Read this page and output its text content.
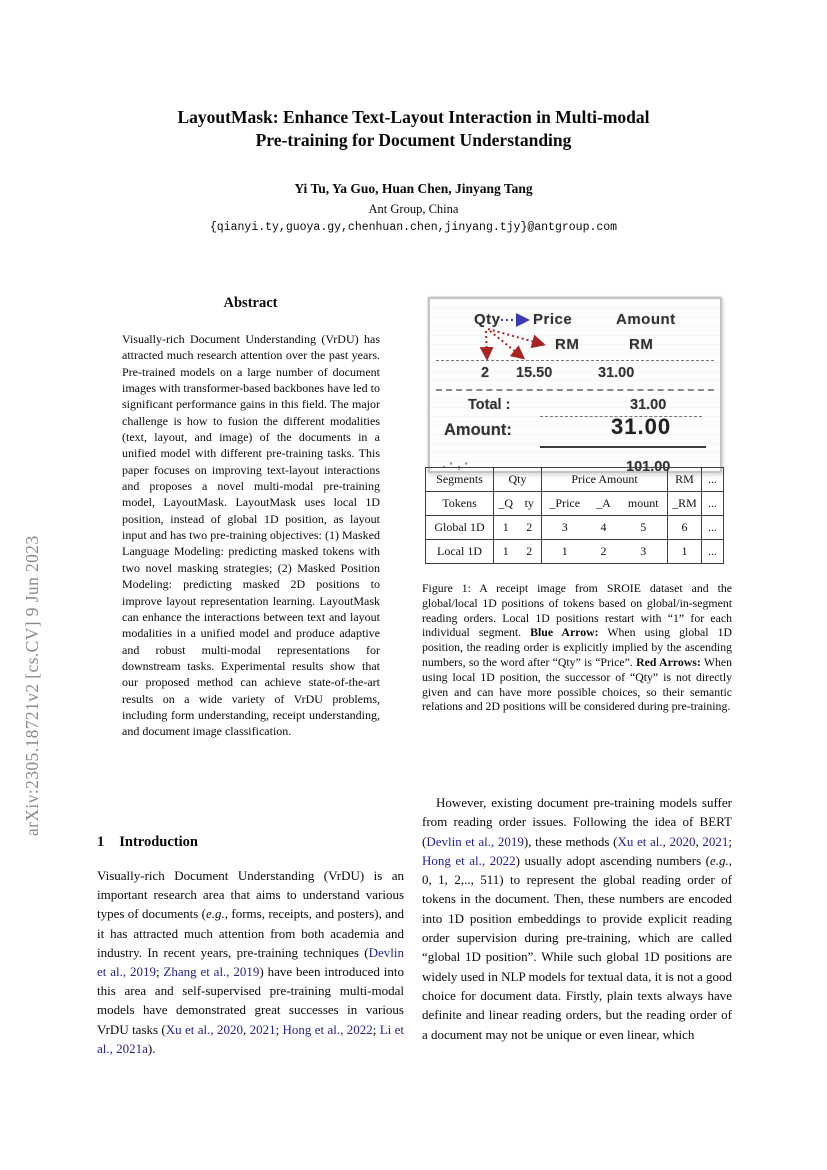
arXiv:2305.18721v2 [cs.CV] 9 Jun 2023
LayoutMask: Enhance Text-Layout Interaction in Multi-modal
Pre-training for Document Understanding
Yi Tu, Ya Guo, Huan Chen, Jinyang Tang
Ant Group, China
{qianyi.ty,guoya.gy,chenhuan.chen,jinyang.tjy}@antgroup.com
Abstract
Visually-rich Document Understanding (VrDU) has attracted much research attention over the past years. Pre-trained models on a large number of document images with transformer-based backbones have led to significant performance gains in this field. The major challenge is how to fusion the different modalities (text, layout, and image) of the documents in a unified model with different pre-training tasks. This paper focuses on improving text-layout interactions and proposes a novel multi-modal pre-training model, LayoutMask. LayoutMask uses local 1D position, instead of global 1D position, as layout input and has two pre-training objectives: (1) Masked Language Modeling: predicting masked tokens with two novel masking strategies; (2) Masked Position Modeling: predicting masked 2D positions to improve layout representation learning. LayoutMask can enhance the interactions between text and layout modalities in a unified model and produce adaptive and robust multi-modal representations for downstream tasks. Experimental results show that our proposed method can achieve state-of-the-art results on a wide variety of VrDU problems, including form understanding, receipt understanding, and document image classification.
1 Introduction
Visually-rich Document Understanding (VrDU) is an important research area that aims to understand various types of documents (e.g., forms, receipts, and posters), and it has attracted much attention from both academia and industry. In recent years, pre-training techniques (Devlin et al., 2019; Zhang et al., 2019) have been introduced into this area and self-supervised pre-training multi-modal models have demonstrated great successes in various VrDU tasks (Xu et al., 2020, 2021; Hong et al., 2022; Li et al., 2021a).
Qty Price	Amount
RM	RM
2 15.50	31.00
Total :	31.00
Amount:	31.00
. · , ·	101.00
Segments	Qty		Price Amount			RM	...
Tokens	_Q	ty	_Price	_A	mount	_RM	...
Global 1D	1	2	3	4	5	6	...
Local 1D	1	2	1	2	3	1	...
Figure 1: A receipt image from SROIE dataset and the global/local 1D positions of tokens based on global/in-segment reading orders. Local 1D positions restart with “1” for each individual segment. Blue Arrow: When using global 1D position, the reading order is explicitly implied by the ascending numbers, so the word after “Qty” is “Price”. Red Arrows: When using local 1D position, the successor of “Qty” is not directly given and can have more possible choices, so their semantic relations and 2D positions will be considered during pre-training.
However, existing document pre-training models suffer from reading order issues. Following the idea of BERT (Devlin et al., 2019), these methods (Xu et al., 2020, 2021; Hong et al., 2022) usually adopt ascending numbers (e.g., 0, 1, 2,.., 511) to represent the global reading order of tokens in the document. Then, these numbers are encoded into 1D position embeddings to provide explicit reading order supervision during pre-training, which are called “global 1D position”. While such global 1D positions are widely used in NLP models for textual data, it is not a good choice for document data. Firstly, plain texts always have definite and linear reading orders, but the reading order of a document may not be unique or even linear, which
